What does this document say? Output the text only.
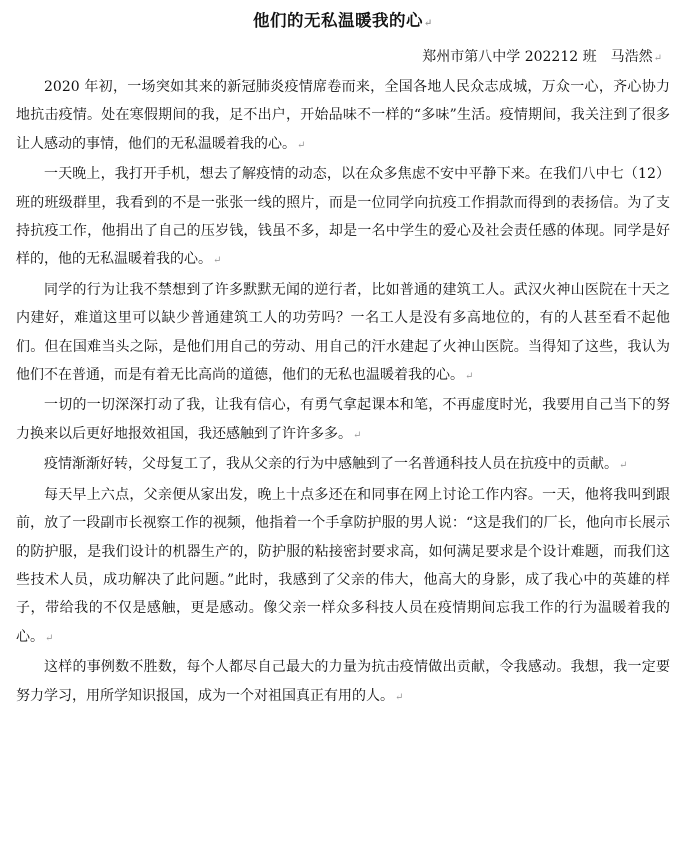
他们的无私温暖我的心↵
郑州市第八中学 202212 班　马浩然↵

2020 年初，一场突如其来的新冠肺炎疫情席卷而来，全国各地人民众志成城，万众一心，齐心协力地抗击疫情。处在寒假期间的我，足不出户，开始品味不一样的“多味”生活。疫情期间，我关注到了很多让人感动的事情，他们的无私温暖着我的心。↵

一天晚上，我打开手机，想去了解疫情的动态，以在众多焦虑不安中平静下来。在我们八中七（12）班的班级群里，我看到的不是一张张一线的照片，而是一位同学向抗疫工作捐款而得到的表扬信。为了支持抗疫工作，他捐出了自己的压岁钱，钱虽不多，却是一名中学生的爱心及社会责任感的体现。同学是好样的，他的无私温暖着我的心。↵

同学的行为让我不禁想到了许多默默无闻的逆行者，比如普通的建筑工人。武汉火神山医院在十天之内建好，难道这里可以缺少普通建筑工人的功劳吗？一名工人是没有多高地位的，有的人甚至看不起他们。但在国难当头之际，是他们用自己的劳动、用自己的汗水建起了火神山医院。当得知了这些，我认为他们不在普通，而是有着无比高尚的道德，他们的无私也温暖着我的心。↵

一切的一切深深打动了我，让我有信心，有勇气拿起课本和笔，不再虚度时光，我要用自己当下的努力换来以后更好地报效祖国，我还感触到了许许多多。↵

疫情渐渐好转，父母复工了，我从父亲的行为中感触到了一名普通科技人员在抗疫中的贡献。↵

每天早上六点，父亲便从家出发，晚上十点多还在和同事在网上讨论工作内容。一天，他将我叫到跟前，放了一段副市长视察工作的视频，他指着一个手拿防护服的男人说：“这是我们的厂长，他向市长展示的防护服，是我们设计的机器生产的，防护服的粘接密封要求高，如何满足要求是个设计难题，而我们这些技术人员，成功解决了此问题。”此时，我感到了父亲的伟大，他高大的身影，成了我心中的英雄的样子，带给我的不仅是感触，更是感动。像父亲一样众多科技人员在疫情期间忘我工作的行为温暖着我的心。↵

这样的事例数不胜数，每个人都尽自己最大的力量为抗击疫情做出贡献，令我感动。我想，我一定要努力学习，用所学知识报国，成为一个对祖国真正有用的人。↵
